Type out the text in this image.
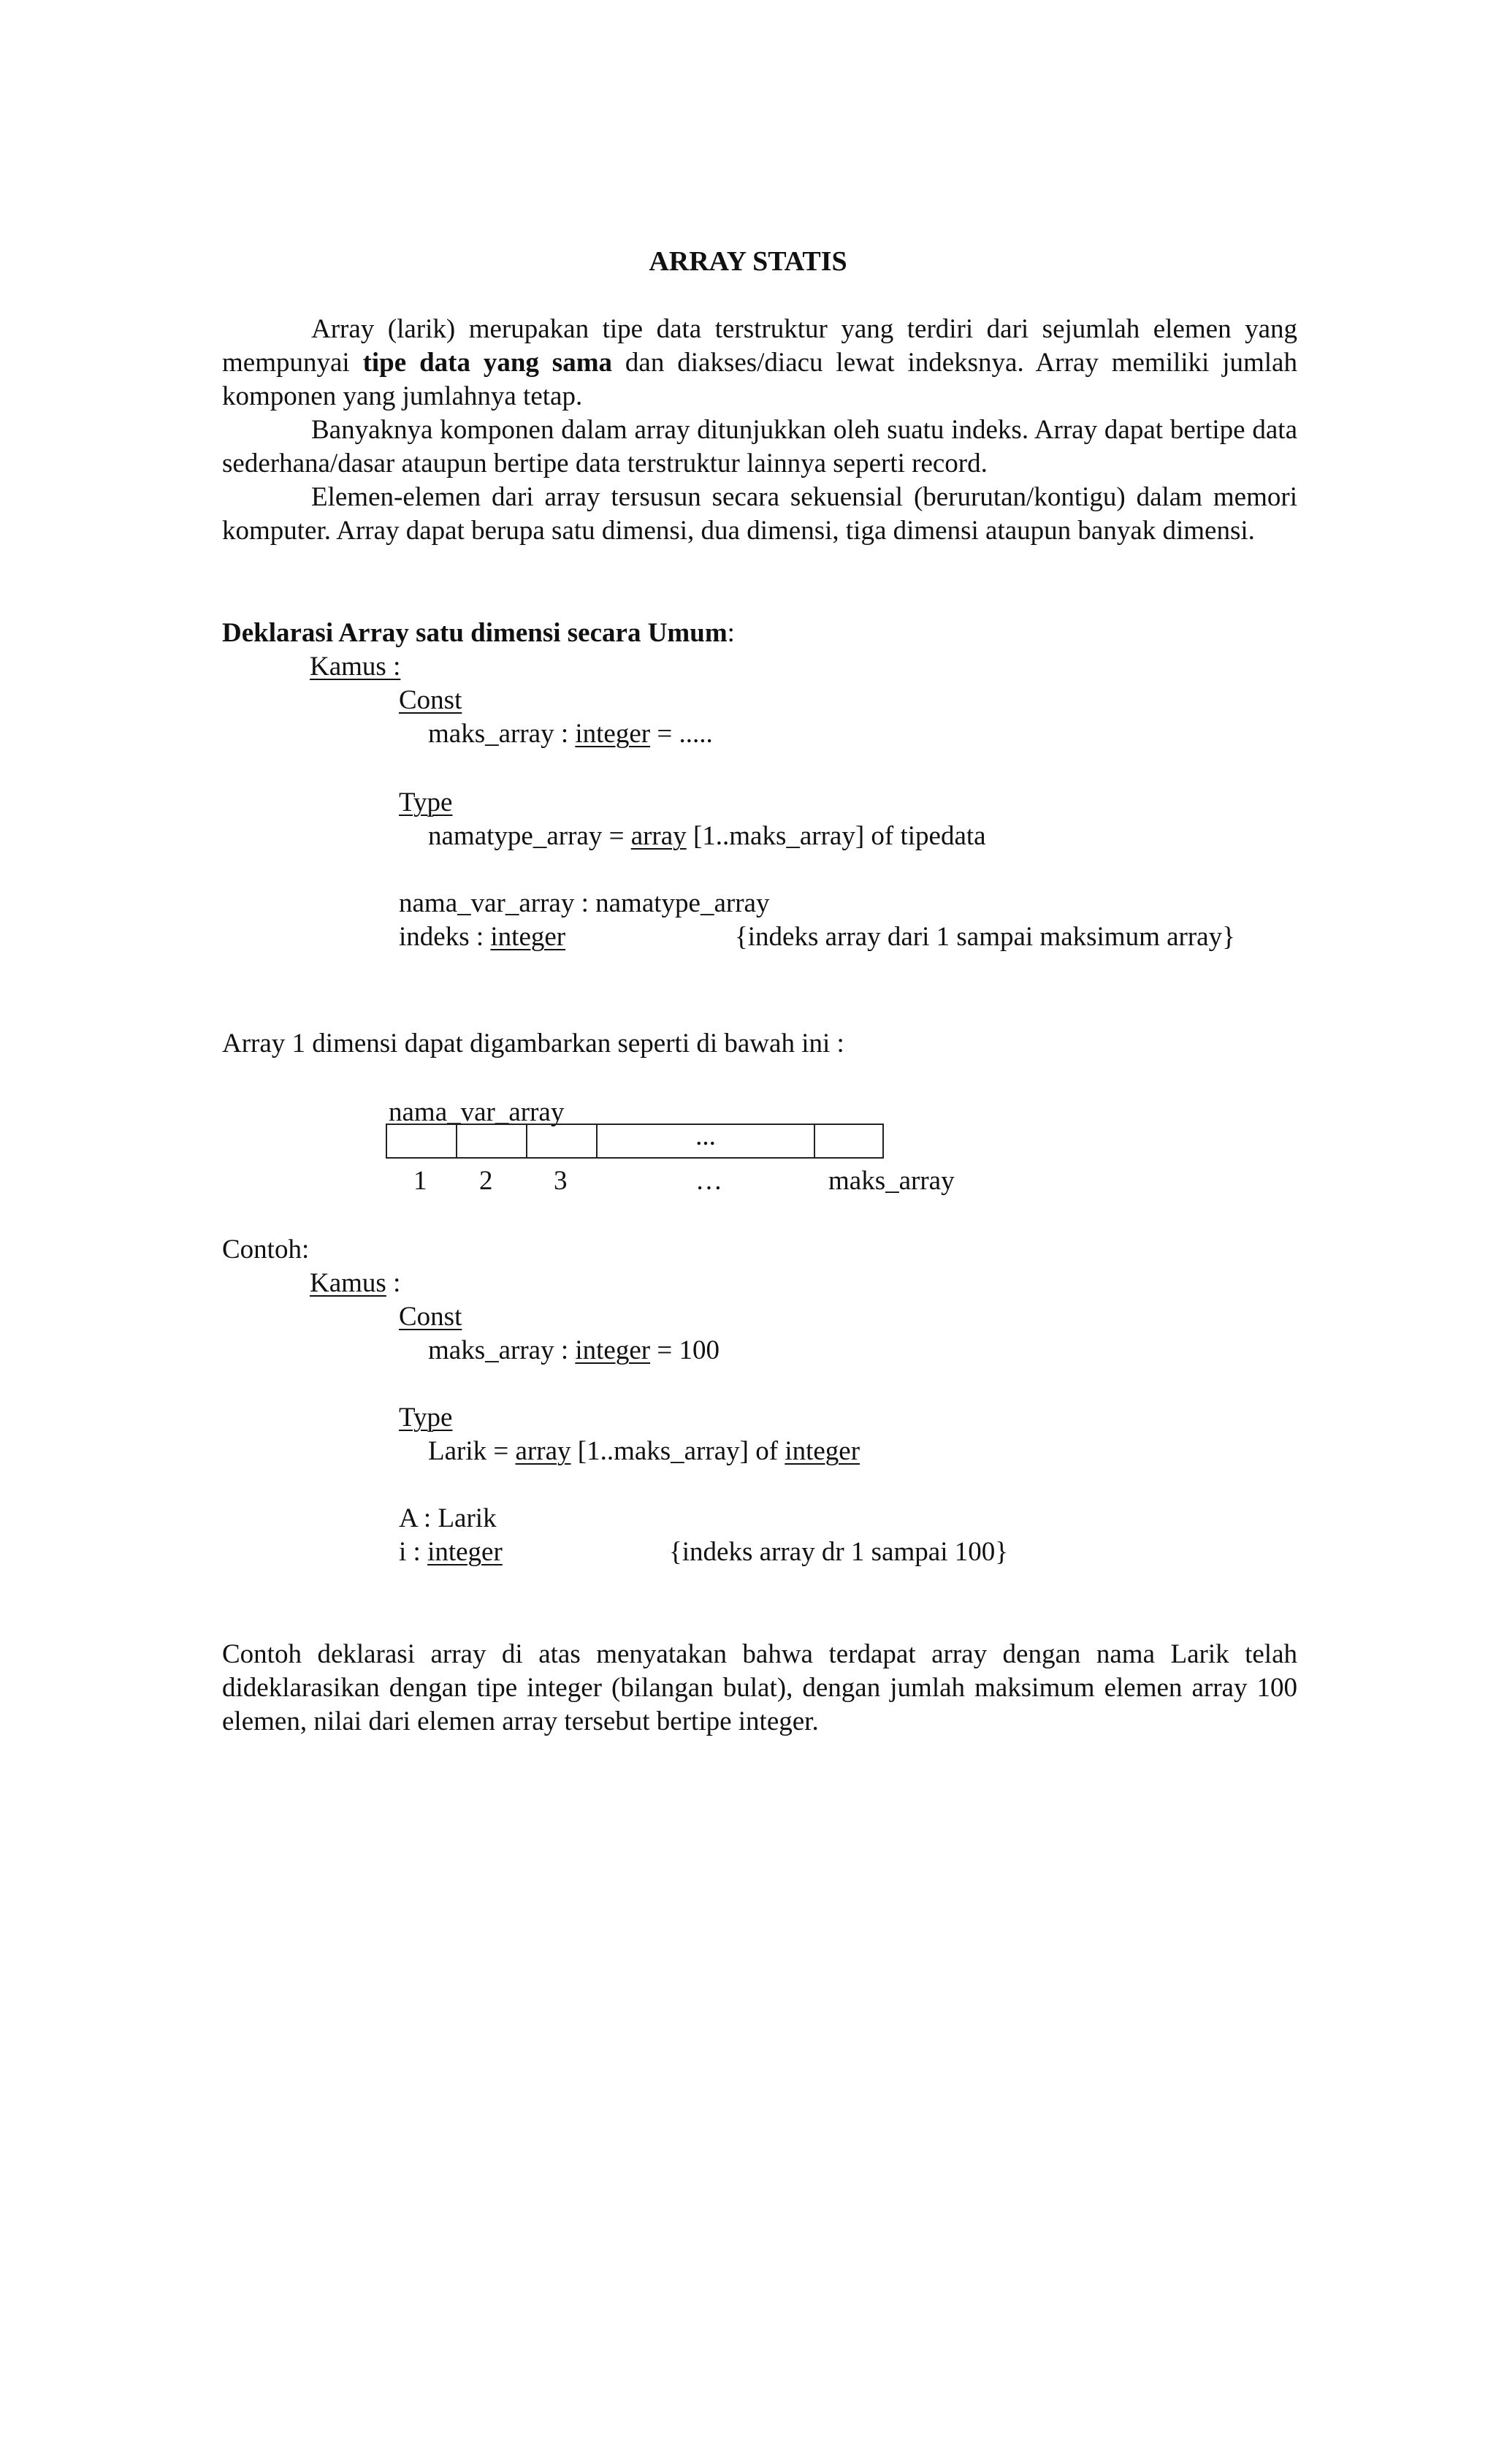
ARRAY STATIS

Array (larik) merupakan tipe data terstruktur yang terdiri dari sejumlah elemen yang mempunyai tipe data yang sama dan diakses/diacu lewat indeksnya. Array memiliki jumlah komponen yang jumlahnya tetap.

Banyaknya komponen dalam array ditunjukkan oleh suatu indeks. Array dapat bertipe data sederhana/dasar ataupun bertipe data terstruktur lainnya seperti record.

Elemen-elemen dari array tersusun secara sekuensial (berurutan/kontigu) dalam memori komputer. Array dapat berupa satu dimensi, dua dimensi, tiga dimensi ataupun banyak dimensi.

Deklarasi Array satu dimensi secara Umum:
Kamus :
Const
maks_array : integer = .....
Type
namatype_array = array [1..maks_array] of tipedata
nama_var_array : namatype_array
indeks : integer	{indeks array dari 1 sampai maksimum array}
Array 1 dimensi dapat digambarkan seperti di bawah ini :
nama_var_array
...
1 2 3	…	maks_array
Contoh:
Kamus :
Const
maks_array : integer = 100
Type
Larik = array [1..maks_array] of integer
A : Larik
i : integer	{indeks array dr 1 sampai 100}

Contoh deklarasi array di atas menyatakan bahwa terdapat array dengan nama Larik telah dideklarasikan dengan tipe integer (bilangan bulat), dengan jumlah maksimum elemen array 100 elemen, nilai dari elemen array tersebut bertipe integer.
